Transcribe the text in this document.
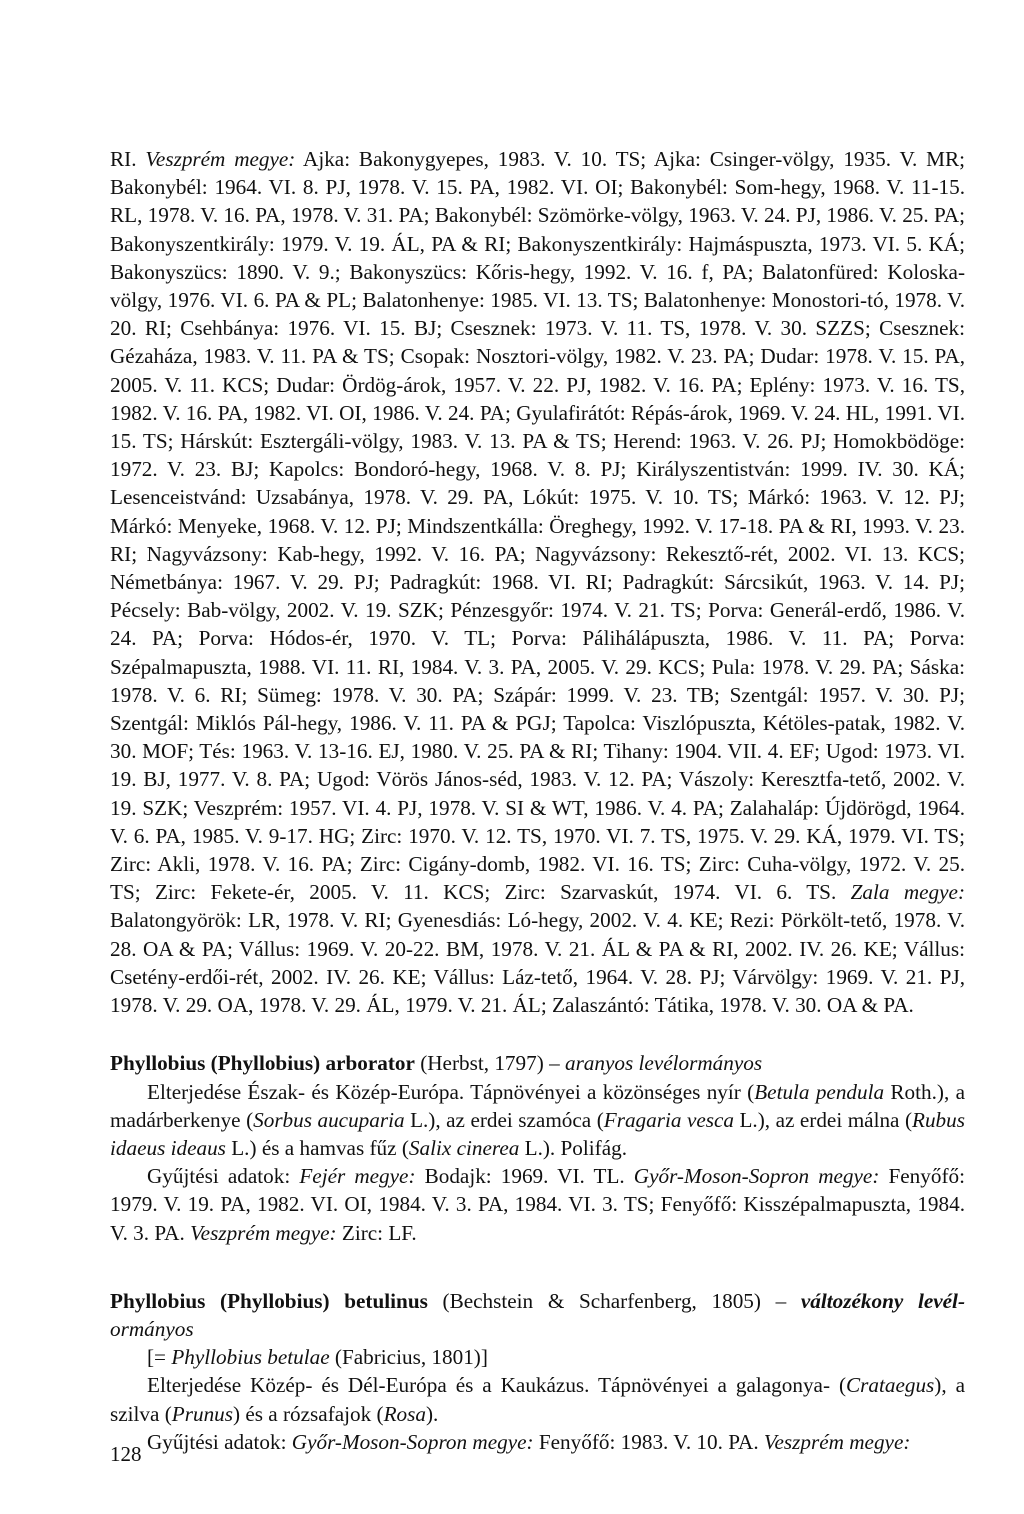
RI. Veszprém megye: Ajka: Bakonygyepes, 1983. V. 10. TS; Ajka: Csinger-völgy, 1935. V. MR; Bakonybél: 1964. VI. 8. PJ, 1978. V. 15. PA, 1982. VI. OI; Bakonybél: Som-hegy, 1968. V. 11-15. RL, 1978. V. 16. PA, 1978. V. 31. PA; Bakonybél: Szömörke-völgy, 1963. V. 24. PJ, 1986. V. 25. PA; Bakonyszentkirály: 1979. V. 19. ÁL, PA & RI; Bakonyszentkirály: Hajmáspuszta, 1973. VI. 5. KÁ; Bakonyszücs: 1890. V. 9.; Bakonyszücs: Kőris-hegy, 1992. V. 16. f, PA; Balatonfüred: Koloska-völgy, 1976. VI. 6. PA & PL; Balatonhenye: 1985. VI. 13. TS; Balatonhenye: Monostori-tó, 1978. V. 20. RI; Csehbánya: 1976. VI. 15. BJ; Csesznek: 1973. V. 11. TS, 1978. V. 30. SZZS; Csesznek: Gézaháza, 1983. V. 11. PA & TS; Csopak: Nosztori-völgy, 1982. V. 23. PA; Dudar: 1978. V. 15. PA, 2005. V. 11. KCS; Dudar: Ördög-árok, 1957. V. 22. PJ, 1982. V. 16. PA; Eplény: 1973. V. 16. TS, 1982. V. 16. PA, 1982. VI. OI, 1986. V. 24. PA; Gyulafirátót: Répás-árok, 1969. V. 24. HL, 1991. VI. 15. TS; Hárskút: Esztergáli-völgy, 1983. V. 13. PA & TS; Herend: 1963. V. 26. PJ; Homokbödöge: 1972. V. 23. BJ; Kapolcs: Bondoró-hegy, 1968. V. 8. PJ; Királyszentistván: 1999. IV. 30. KÁ; Lesenceistvánd: Uzsabánya, 1978. V. 29. PA, Lókút: 1975. V. 10. TS; Márkó: 1963. V. 12. PJ; Márkó: Menyeke, 1968. V. 12. PJ; Mindszentkálla: Öreghegy, 1992. V. 17-18. PA & RI, 1993. V. 23. RI; Nagyvázsony: Kab-hegy, 1992. V. 16. PA; Nagyvázsony: Rekesztő-rét, 2002. VI. 13. KCS; Németbánya: 1967. V. 29. PJ; Padragkút: 1968. VI. RI; Padragkút: Sárcsikút, 1963. V. 14. PJ; Pécsely: Bab-völgy, 2002. V. 19. SZK; Pénzesgyőr: 1974. V. 21. TS; Porva: Generál-erdő, 1986. V. 24. PA; Porva: Hódos-ér, 1970. V. TL; Porva: Pálihálápuszta, 1986. V. 11. PA; Porva: Szépalmapuszta, 1988. VI. 11. RI, 1984. V. 3. PA, 2005. V. 29. KCS; Pula: 1978. V. 29. PA; Sáska: 1978. V. 6. RI; Sümeg: 1978. V. 30. PA; Szápár: 1999. V. 23. TB; Szentgál: 1957. V. 30. PJ; Szentgál: Miklós Pál-hegy, 1986. V. 11. PA & PGJ; Tapolca: Viszlópuszta, Kétöles-patak, 1982. V. 30. MOF; Tés: 1963. V. 13-16. EJ, 1980. V. 25. PA & RI; Tihany: 1904. VII. 4. EF; Ugod: 1973. VI. 19. BJ, 1977. V. 8. PA; Ugod: Vörös János-séd, 1983. V. 12. PA; Vászoly: Keresztfa-tető, 2002. V. 19. SZK; Veszprém: 1957. VI. 4. PJ, 1978. V. SI & WT, 1986. V. 4. PA; Zalahaláp: Újdörögd, 1964. V. 6. PA, 1985. V. 9-17. HG; Zirc: 1970. V. 12. TS, 1970. VI. 7. TS, 1975. V. 29. KÁ, 1979. VI. TS; Zirc: Akli, 1978. V. 16. PA; Zirc: Cigány-domb, 1982. VI. 16. TS; Zirc: Cuha-völgy, 1972. V. 25. TS; Zirc: Fekete-ér, 2005. V. 11. KCS; Zirc: Szarvaskút, 1974. VI. 6. TS. Zala megye: Balatongyörök: LR, 1978. V. RI; Gyenesdiás: Ló-hegy, 2002. V. 4. KE; Rezi: Pörkölt-tető, 1978. V. 28. OA & PA; Vállus: 1969. V. 20-22. BM, 1978. V. 21. ÁL & PA & RI, 2002. IV. 26. KE; Vállus: Csetény-erdői-rét, 2002. IV. 26. KE; Vállus: Láz-tető, 1964. V. 28. PJ; Várvölgy: 1969. V. 21. PJ, 1978. V. 29. OA, 1978. V. 29. ÁL, 1979. V. 21. ÁL; Zalaszántó: Tátika, 1978. V. 30. OA & PA.

Phyllobius (Phyllobius) arborator (Herbst, 1797) – aranyos levélormányos

Elterjedése Észak- és Közép-Európa. Tápnövényei a közönséges nyír (Betula pendula Roth.), a madárberkenye (Sorbus aucuparia L.), az erdei szamóca (Fragaria vesca L.), az erdei málna (Rubus idaeus ideaus L.) és a hamvas fűz (Salix cinerea L.). Polifág.

Gyűjtési adatok: Fejér megye: Bodajk: 1969. VI. TL. Győr-Moson-Sopron megye: Fenyőfő: 1979. V. 19. PA, 1982. VI. OI, 1984. V. 3. PA, 1984. VI. 3. TS; Fenyőfő: Kisszépalmapuszta, 1984. V. 3. PA. Veszprém megye: Zirc: LF.

Phyllobius (Phyllobius) betulinus (Bechstein & Scharfenberg, 1805) – változékony levél- ormányos

[= Phyllobius betulae (Fabricius, 1801)]

Elterjedése Közép- és Dél-Európa és a Kaukázus. Tápnövényei a galagonya- (Crataegus), a szilva (Prunus) és a rózsafajok (Rosa).

Gyűjtési adatok: Győr-Moson-Sopron megye: Fenyőfő: 1983. V. 10. PA. Veszprém megye:

128
